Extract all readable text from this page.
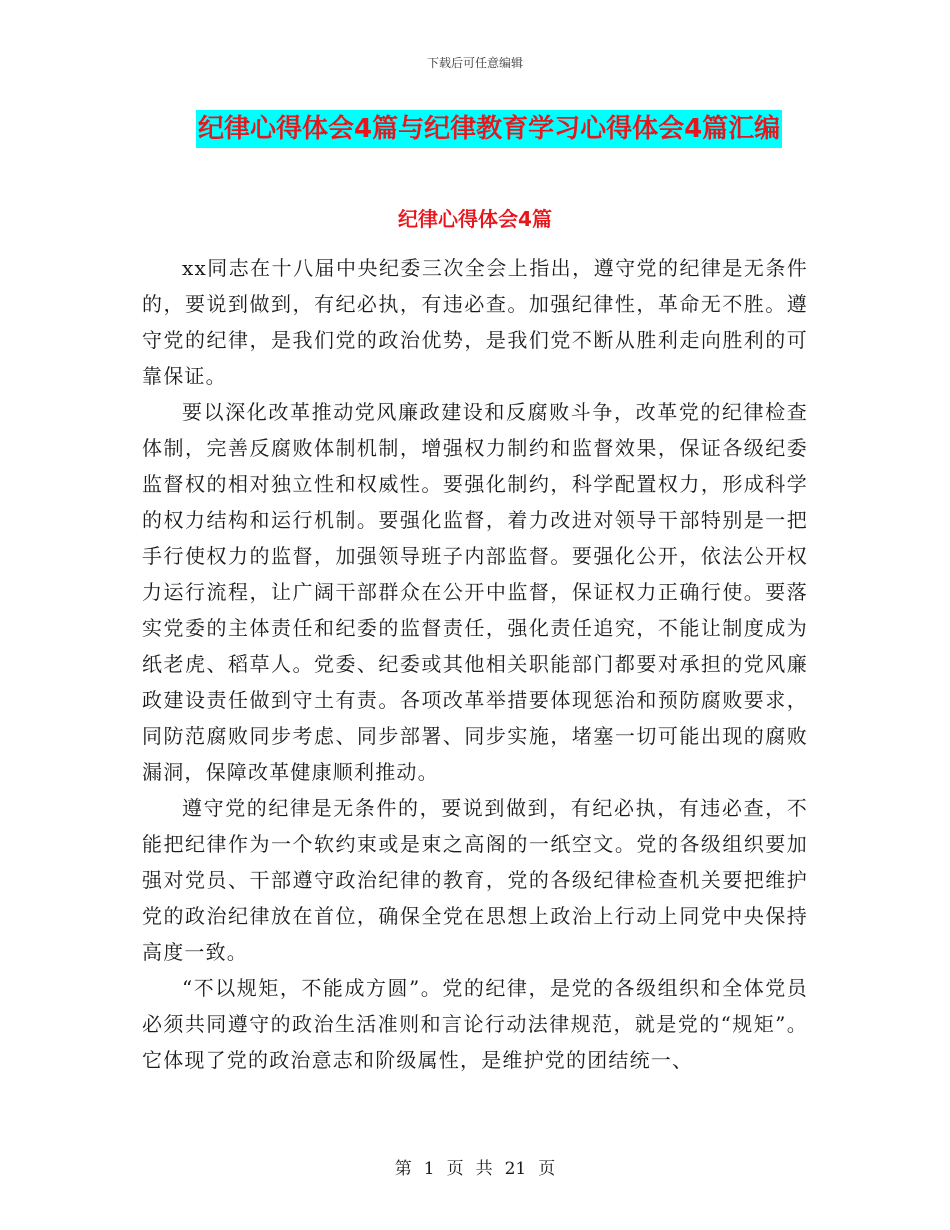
下载后可任意编辑
纪律心得体会4篇与纪律教育学习心得体会4篇汇编
纪律心得体会4篇

xx同志在十八届中央纪委三次全会上指出，遵守党的纪律是无条件的，要说到做到，有纪必执，有违必查。加强纪律性，革命无不胜。遵守党的纪律，是我们党的政治优势，是我们党不断从胜利走向胜利的可靠保证。

要以深化改革推动党风廉政建设和反腐败斗争，改革党的纪律检查体制，完善反腐败体制机制，增强权力制约和监督效果，保证各级纪委监督权的相对独立性和权威性。要强化制约，科学配置权力，形成科学的权力结构和运行机制。要强化监督，着力改进对领导干部特别是一把手行使权力的监督，加强领导班子内部监督。要强化公开，依法公开权力运行流程，让广阔干部群众在公开中监督，保证权力正确行使。要落实党委的主体责任和纪委的监督责任，强化责任追究，不能让制度成为纸老虎、稻草人。党委、纪委或其他相关职能部门都要对承担的党风廉政建设责任做到守土有责。各项改革举措要体现惩治和预防腐败要求，同防范腐败同步考虑、同步部署、同步实施，堵塞一切可能出现的腐败漏洞，保障改革健康顺利推动。

遵守党的纪律是无条件的，要说到做到，有纪必执，有违必查，不能把纪律作为一个软约束或是束之高阁的一纸空文。党的各级组织要加强对党员、干部遵守政治纪律的教育，党的各级纪律检查机关要把维护党的政治纪律放在首位，确保全党在思想上政治上行动上同党中央保持高度一致。

“不以规矩，不能成方圆”。党的纪律，是党的各级组织和全体党员必须共同遵守的政治生活准则和言论行动法律规范，就是党的“规矩”。它体现了党的政治意志和阶级属性，是维护党的团结统一、

第 1 页 共 21 页
